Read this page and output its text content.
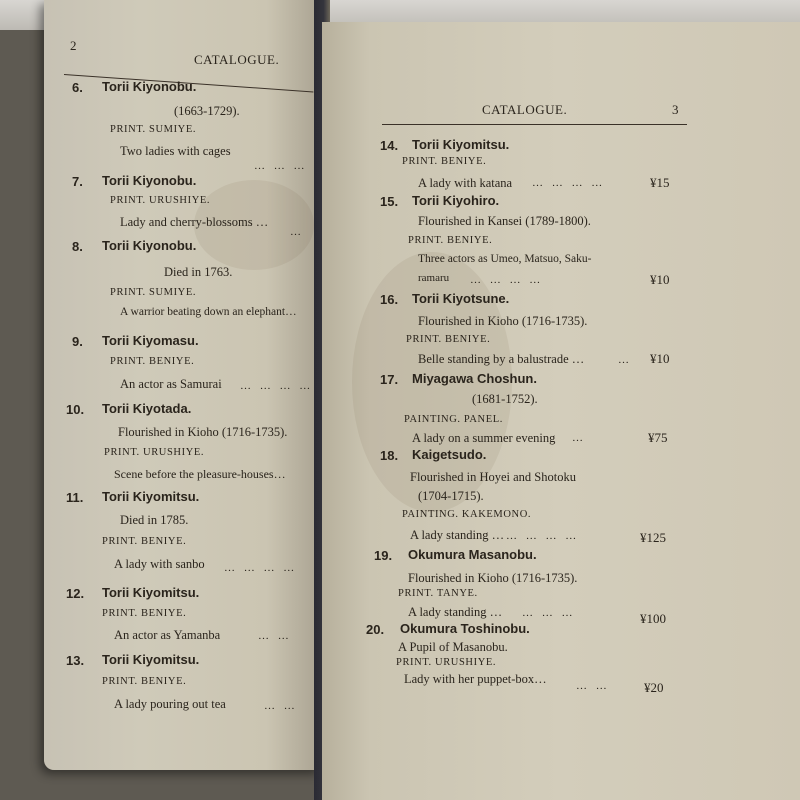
2
CATALOGUE.
6. Torii Kiyonobu.
(1663-1729).
PRINT. SUMIYE.
Two ladies with cages
… … …
7. Torii Kiyonobu.
PRINT. URUSHIYE.
Lady and cherry-blossoms …
…
8. Torii Kiyonobu.
Died in 1763.
PRINT. SUMIYE.
A warrior beating down an elephant…
9. Torii Kiyomasu.
PRINT. BENIYE.
An actor as Samurai … … … …
10. Torii Kiyotada.
Flourished in Kioho (1716-1735).
PRINT. URUSHIYE.
Scene before the pleasure-houses…
11. Torii Kiyomitsu.
Died in 1785.
PRINT. BENIYE.
A lady with sanbo … … … …
12. Torii Kiyomitsu.
PRINT. BENIYE.
An actor as Yamanba	… …
13. Torii Kiyomitsu.
PRINT. BENIYE.
A lady pouring out tea	… …
CATALOGUE.	3
14. Torii Kiyomitsu.
PRINT. BENIYE.
A lady with katana … … … …	¥15
15. Torii Kiyohiro.
Flourished in Kansei (1789-1800).
PRINT. BENIYE.
Three actors as Umeo, Matsuo, Saku-
ramaru … … … …	¥10
16. Torii Kiyotsune.
Flourished in Kioho (1716-1735).
PRINT. BENIYE.
Belle standing by a balustrade …	… ¥10
17. Miyagawa Choshun.
(1681-1752).
PAINTING. PANEL.
A lady on a summer evening …	¥75
18. Kaigetsudo.
Flourished in Hoyei and Shotoku
(1704-1715).
PAINTING. KAKEMONO.
A lady standing … … … … …	¥125
19. Okumura Masanobu.
Flourished in Kioho (1716-1735).
PRINT. TANYE.
A lady standing … … … …	¥100
20. Okumura Toshinobu.
A Pupil of Masanobu.
PRINT. URUSHIYE.
Lady with her puppet-box…	… …	¥20
